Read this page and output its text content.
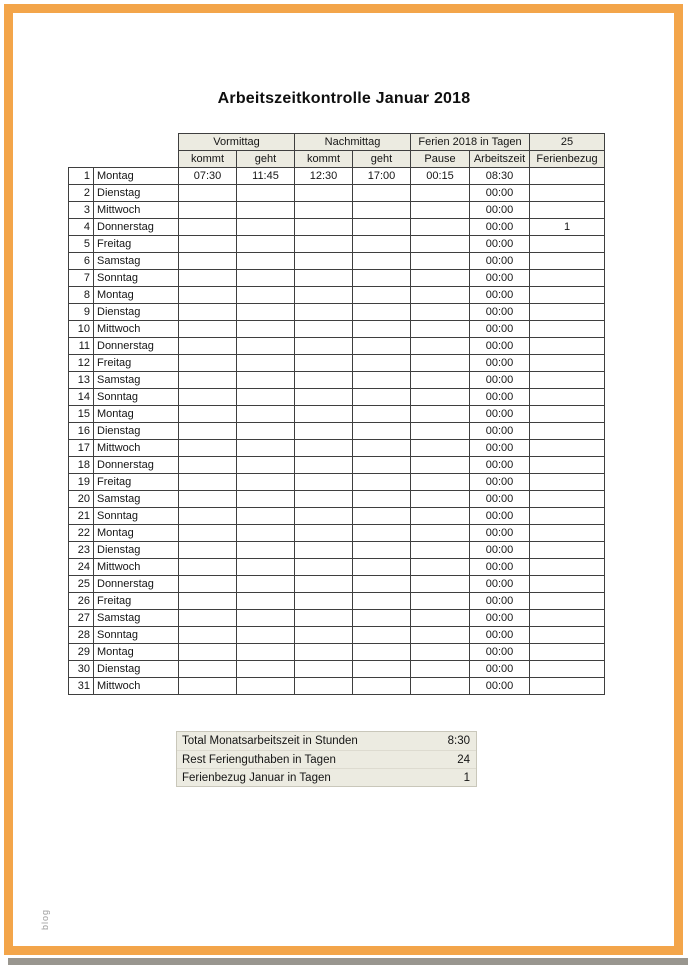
Arbeitszeitkontrolle Januar 2018
		Vormittag		Nachmittag		Ferien 2018 in Tagen		25
		kommt	geht	kommt	geht	Pause	Arbeitszeit	Ferienbezug
1	Montag	07:30	11:45	12:30	17:00	00:15	08:30	
2	Dienstag						00:00	
3	Mittwoch						00:00	
4	Donnerstag						00:00	1
5	Freitag						00:00	
6	Samstag						00:00	
7	Sonntag						00:00	
8	Montag						00:00	
9	Dienstag						00:00	
10	Mittwoch						00:00	
11	Donnerstag						00:00	
12	Freitag						00:00	
13	Samstag						00:00	
14	Sonntag						00:00	
15	Montag						00:00	
16	Dienstag						00:00	
17	Mittwoch						00:00	
18	Donnerstag						00:00	
19	Freitag						00:00	
20	Samstag						00:00	
21	Sonntag						00:00	
22	Montag						00:00	
23	Dienstag						00:00	
24	Mittwoch						00:00	
25	Donnerstag						00:00	
26	Freitag						00:00	
27	Samstag						00:00	
28	Sonntag						00:00	
29	Montag						00:00	
30	Dienstag						00:00	
31	Mittwoch						00:00	
Total Monatsarbeitszeit in Stunden	8:30
Rest Ferienguthaben in Tagen	24
Ferienbezug Januar in Tagen	1
blog
